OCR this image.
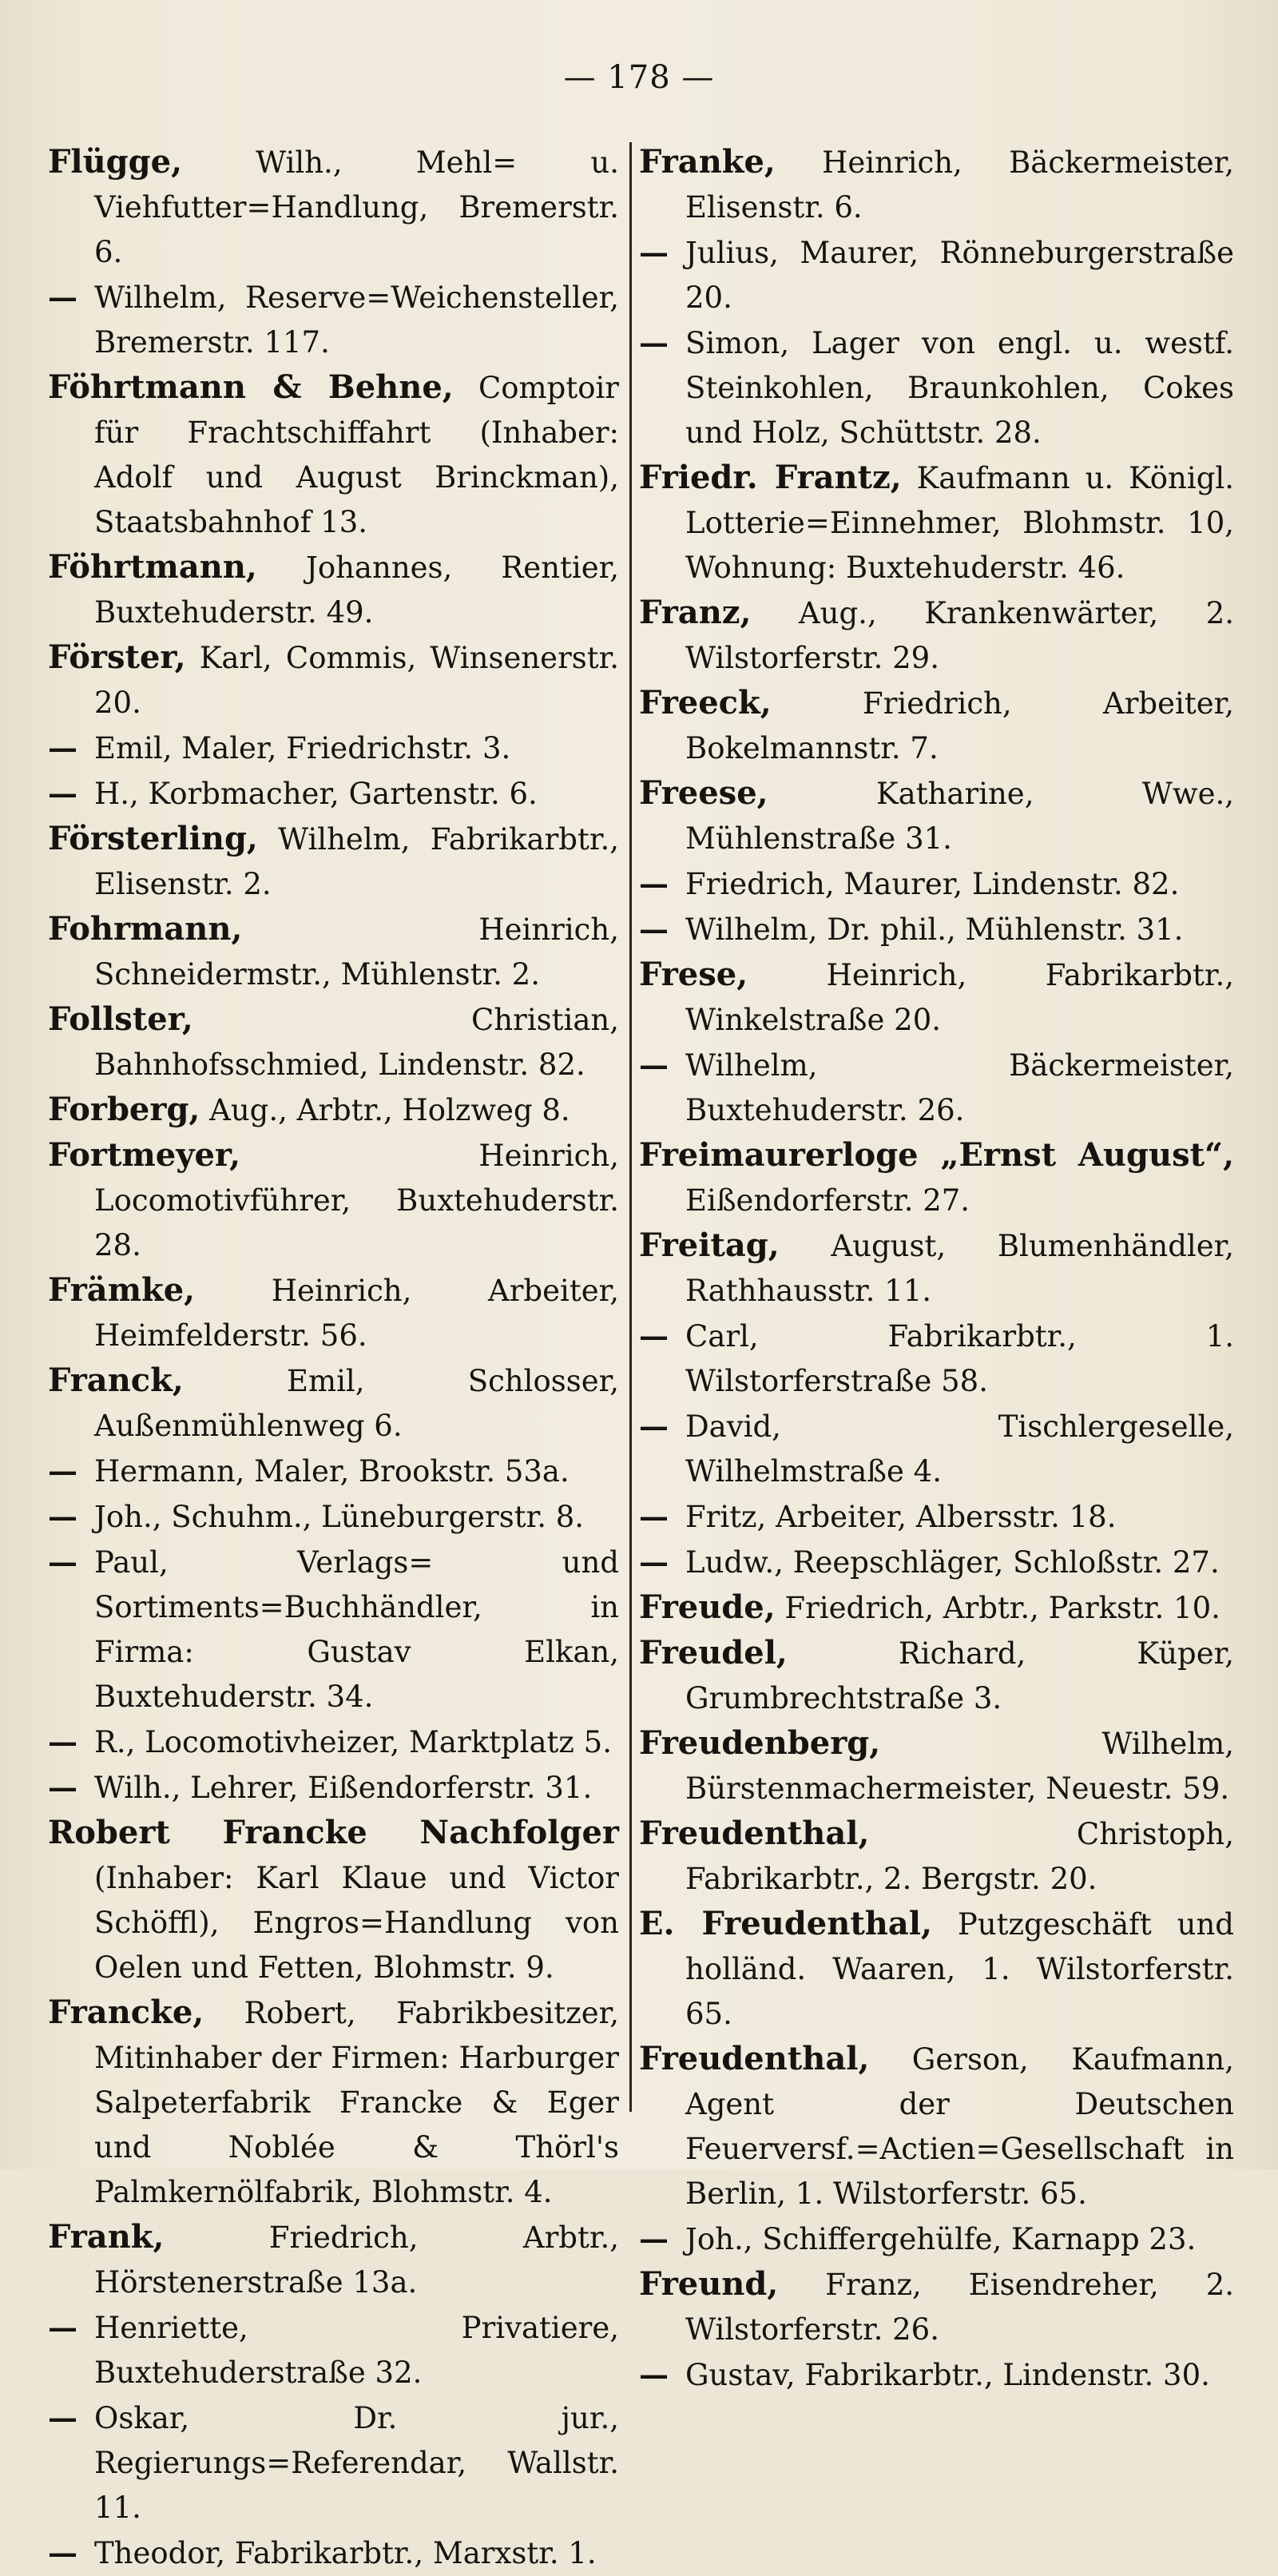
— 178 —

Flügge, Wilh., Mehl= u. Viehfutter=Handlung, Bremerstr. 6.

— Wilhelm, Reserve=Weichensteller, Bremerstr. 117.

Föhrtmann & Behne, Comptoir für Frachtschiffahrt (Inhaber: Adolf und August Brinckman), Staatsbahnhof 13.

Föhrtmann, Johannes, Rentier, Buxtehuderstr. 49.

Förster, Karl, Commis, Winsenerstr. 20.

— Emil, Maler, Friedrichstr. 3.

— H., Korbmacher, Gartenstr. 6.

Försterling, Wilhelm, Fabrikarbtr., Elisenstr. 2.

Fohrmann, Heinrich, Schneidermstr., Mühlenstr. 2.

Follster, Christian, Bahnhofsschmied, Lindenstr. 82.

Forberg, Aug., Arbtr., Holzweg 8.

Fortmeyer, Heinrich, Locomotivführer, Buxtehuderstr. 28.

Främke, Heinrich, Arbeiter, Heimfelderstr. 56.

Franck, Emil, Schlosser, Außenmühlenweg 6.

— Hermann, Maler, Brookstr. 53a.

— Joh., Schuhm., Lüneburgerstr. 8.

— Paul, Verlags= und Sortiments=Buchhändler, in Firma: Gustav Elkan, Buxtehuderstr. 34.

— R., Locomotivheizer, Marktplatz 5.

— Wilh., Lehrer, Eißendorferstr. 31.

Robert Francke Nachfolger (Inhaber: Karl Klaue und Victor Schöffl), Engros=Handlung von Oelen und Fetten, Blohmstr. 9.

Francke, Robert, Fabrikbesitzer, Mitinhaber der Firmen: Harburger Salpeterfabrik Francke & Eger und Noblée & Thörl's Palmkernölfabrik, Blohmstr. 4.

Frank, Friedrich, Arbtr., Hörstenerstraße 13a.

— Henriette, Privatiere, Buxtehuderstraße 32.

— Oskar, Dr. jur., Regierungs=Referendar, Wallstr. 11.

— Theodor, Fabrikarbtr., Marxstr. 1.

Franke, Heinrich, Bäckermeister, Elisenstr. 6.

— Julius, Maurer, Rönneburgerstraße 20.

— Simon, Lager von engl. u. westf. Steinkohlen, Braunkohlen, Cokes und Holz, Schüttstr. 28.

Friedr. Frantz, Kaufmann u. Königl. Lotterie=Einnehmer, Blohmstr. 10, Wohnung: Buxtehuderstr. 46.

Franz, Aug., Krankenwärter, 2. Wilstorferstr. 29.

Freeck, Friedrich, Arbeiter, Bokelmannstr. 7.

Freese, Katharine, Wwe., Mühlenstraße 31.

— Friedrich, Maurer, Lindenstr. 82.

— Wilhelm, Dr. phil., Mühlenstr. 31.

Frese, Heinrich, Fabrikarbtr., Winkelstraße 20.

— Wilhelm, Bäckermeister, Buxtehuderstr. 26.

Freimaurerloge „Ernst August“, Eißendorferstr. 27.

Freitag, August, Blumenhändler, Rathhausstr. 11.

— Carl, Fabrikarbtr., 1. Wilstorferstraße 58.

— David, Tischlergeselle, Wilhelmstraße 4.

— Fritz, Arbeiter, Albersstr. 18.

— Ludw., Reepschläger, Schloßstr. 27.

Freude, Friedrich, Arbtr., Parkstr. 10.

Freudel, Richard, Küper, Grumbrechtstraße 3.

Freudenberg, Wilhelm, Bürstenmachermeister, Neuestr. 59.

Freudenthal, Christoph, Fabrikarbtr., 2. Bergstr. 20.

E. Freudenthal, Putzgeschäft und holländ. Waaren, 1. Wilstorferstr. 65.

Freudenthal, Gerson, Kaufmann, Agent der Deutschen Feuerversf.=Actien=Gesellschaft in Berlin, 1. Wilstorferstr. 65.

— Joh., Schiffergehülfe, Karnapp 23.

Freund, Franz, Eisendreher, 2. Wilstorferstr. 26.

— Gustav, Fabrikarbtr., Lindenstr. 30.
